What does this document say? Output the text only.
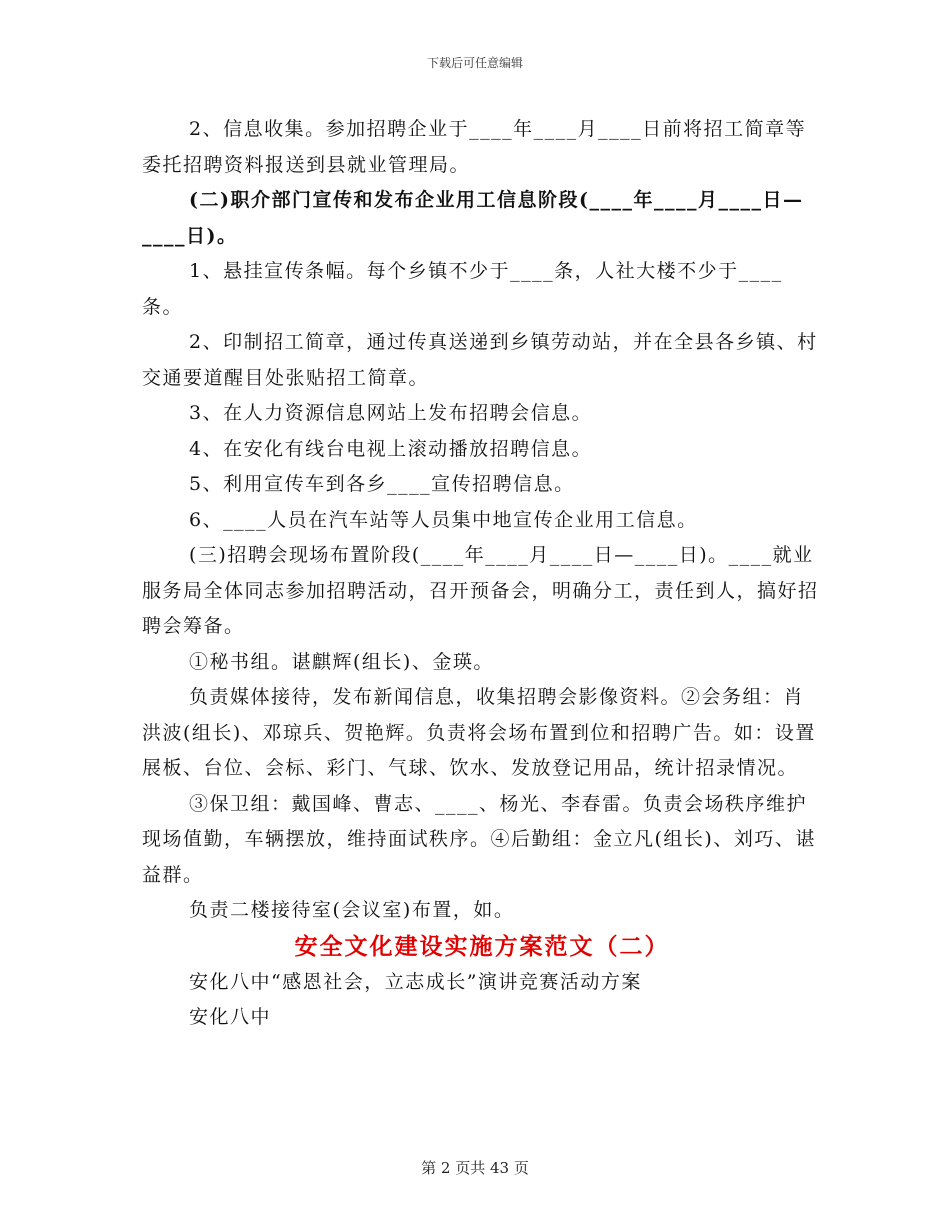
下载后可任意编辑

2、信息收集。参加招聘企业于____年____月____日前将招工简章等委托招聘资料报送到县就业管理局。

(二)职介部门宣传和发布企业用工信息阶段(____年____月____日—____日)。

1、悬挂宣传条幅。每个乡镇不少于____条，人社大楼不少于____条。

2、印制招工简章，通过传真送递到乡镇劳动站，并在全县各乡镇、村交通要道醒目处张贴招工简章。

3、在人力资源信息网站上发布招聘会信息。

4、在安化有线台电视上滚动播放招聘信息。

5、利用宣传车到各乡____宣传招聘信息。

6、____人员在汽车站等人员集中地宣传企业用工信息。

(三)招聘会现场布置阶段(____年____月____日—____日)。____就业服务局全体同志参加招聘活动，召开预备会，明确分工，责任到人，搞好招聘会筹备。

①秘书组。谌麒辉(组长)、金瑛。

负责媒体接待，发布新闻信息，收集招聘会影像资料。②会务组：肖洪波(组长)、邓琼兵、贺艳辉。负责将会场布置到位和招聘广告。如：设置展板、台位、会标、彩门、气球、饮水、发放登记用品，统计招录情况。

③保卫组：戴国峰、曹志、____、杨光、李春雷。负责会场秩序维护现场值勤，车辆摆放，维持面试秩序。④后勤组：金立凡(组长)、刘巧、谌益群。

负责二楼接待室(会议室)布置，如。

安全文化建设实施方案范文（二）

安化八中“感恩社会，立志成长”演讲竞赛活动方案

安化八中

第 2 页共 43 页
